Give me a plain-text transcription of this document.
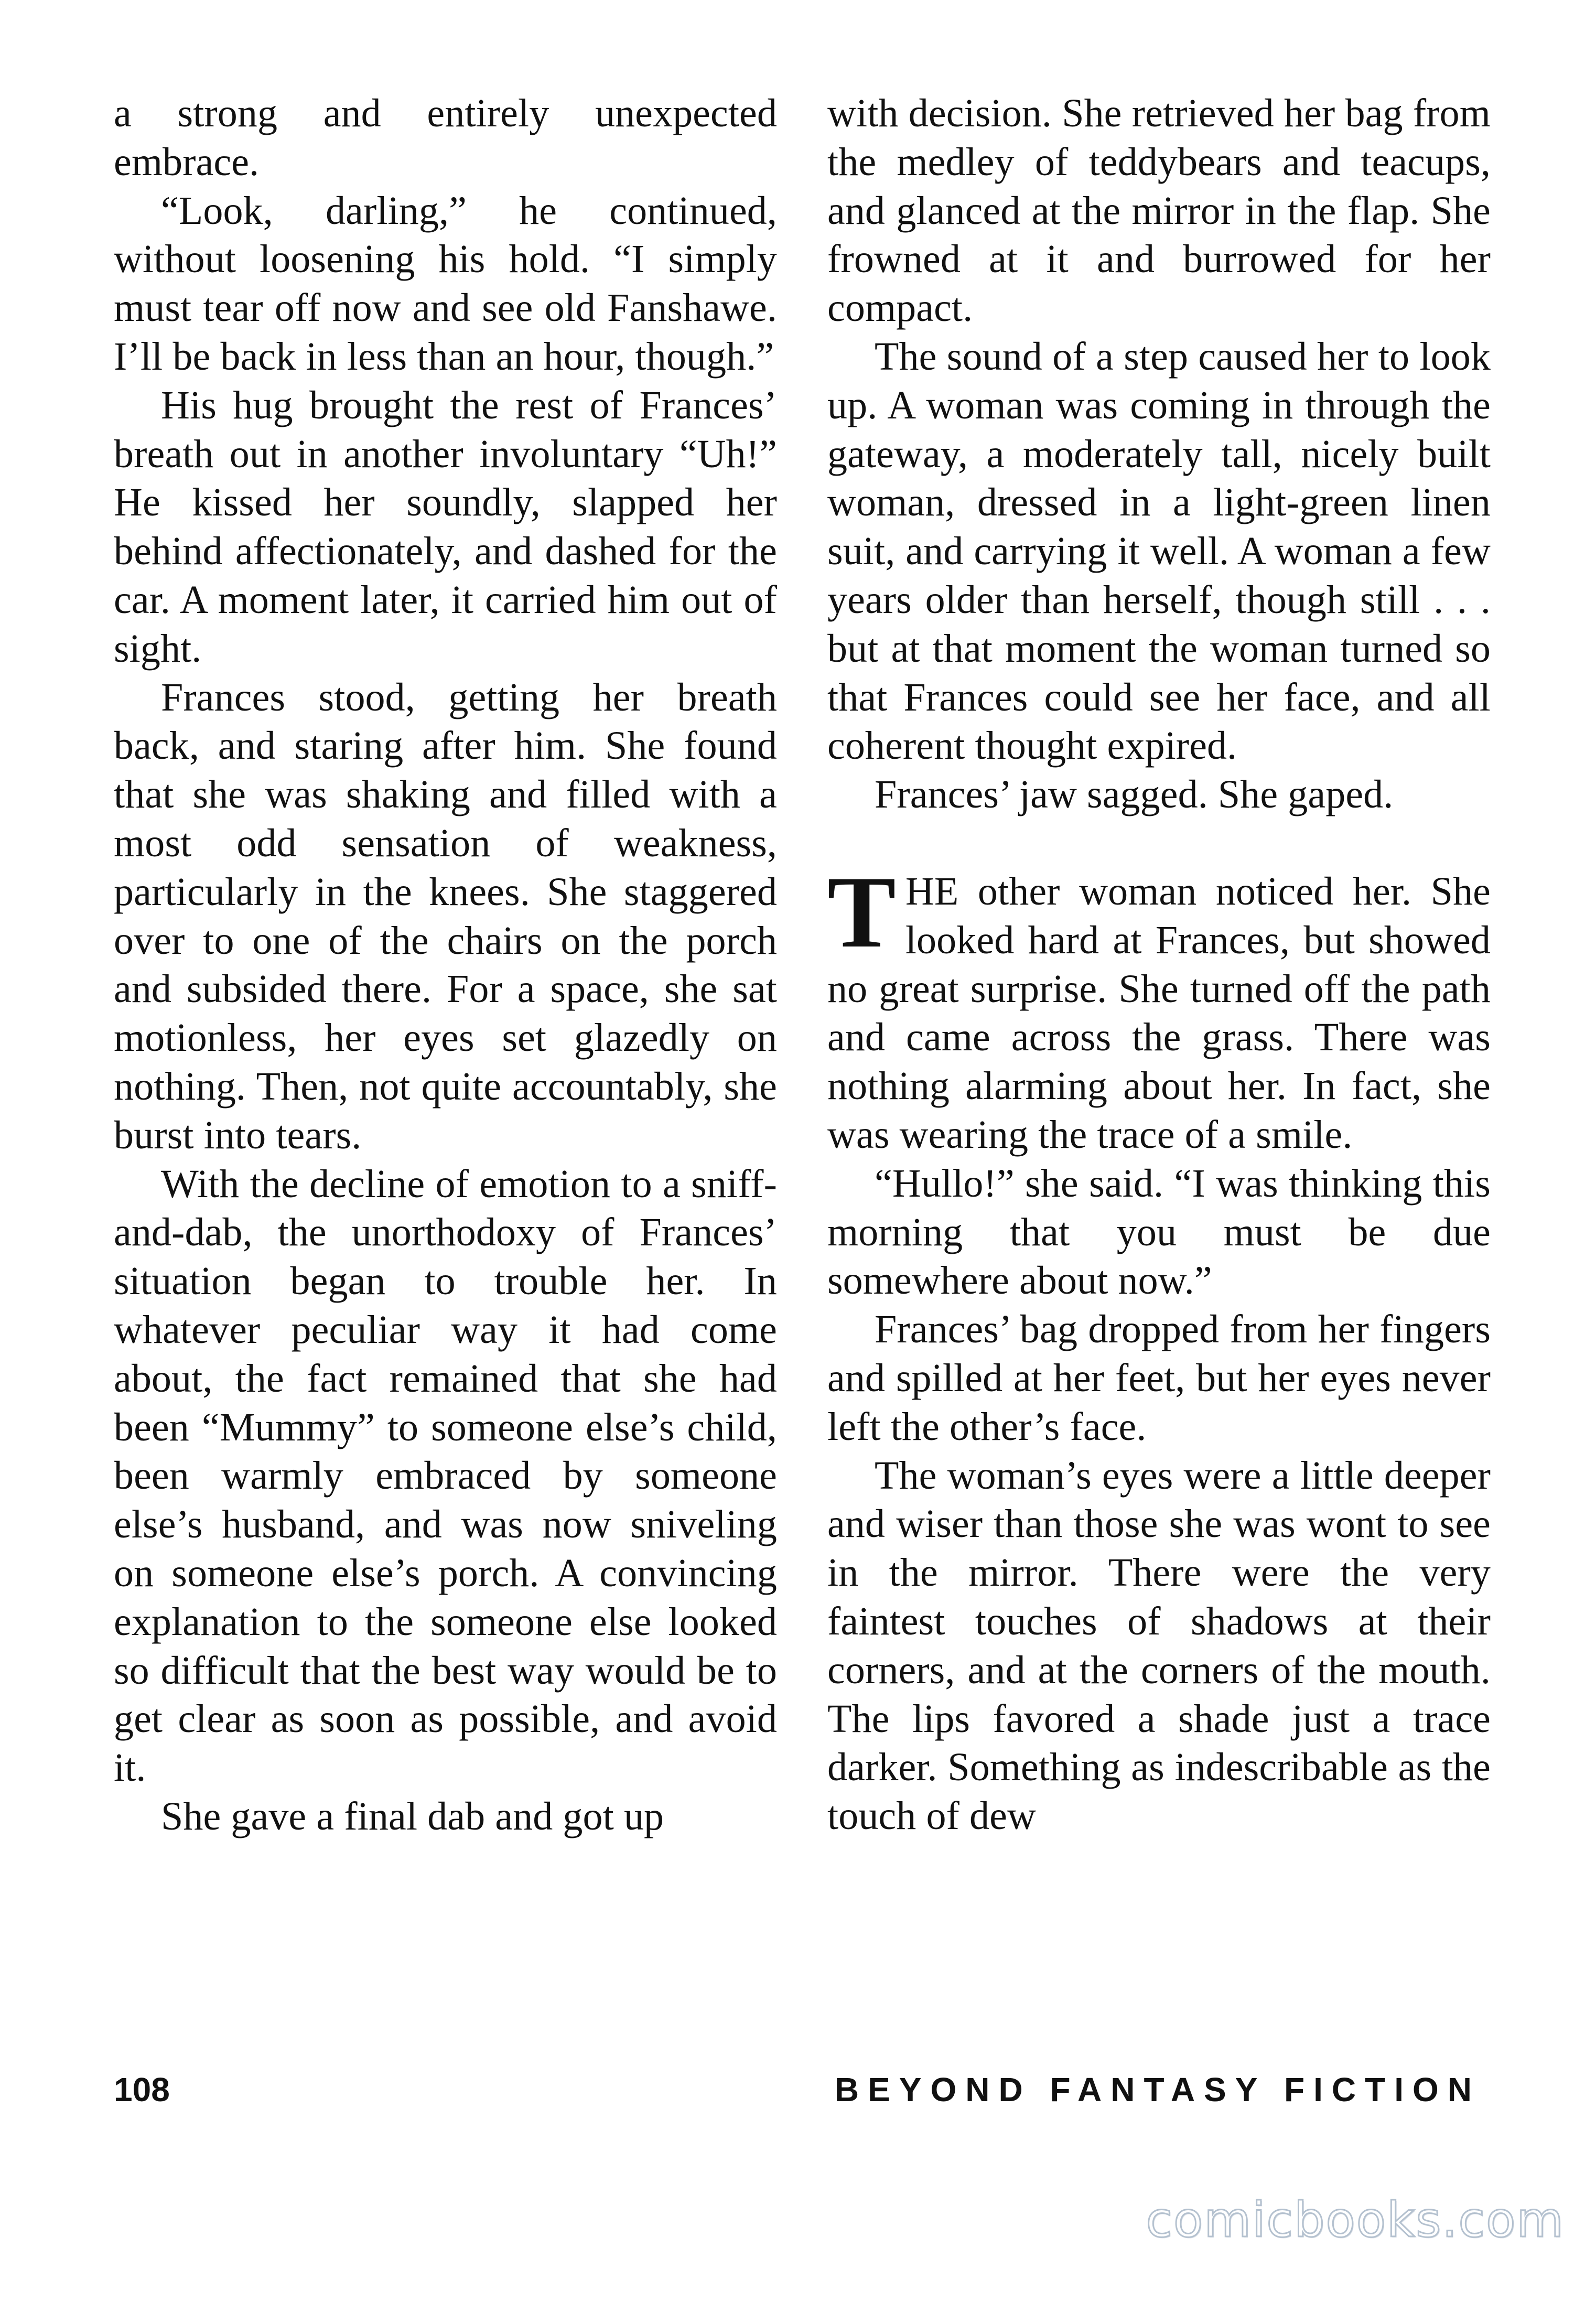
a strong and entirely unexpected embrace.

“Look, darling,” he continued, without loosening his hold. “I simply must tear off now and see old Fanshawe. I’ll be back in less than an hour, though.”

His hug brought the rest of Frances’ breath out in another involuntary “Uh!” He kissed her soundly, slapped her behind affectionately, and dashed for the car. A moment later, it carried him out of sight.

Frances stood, getting her breath back, and staring after him. She found that she was shaking and filled with a most odd sensation of weakness, particularly in the knees. She staggered over to one of the chairs on the porch and subsided there. For a space, she sat motionless, her eyes set glazedly on nothing. Then, not quite accountably, she burst into tears.

With the decline of emotion to a sniff-and-dab, the unorthodoxy of Frances’ situation began to trouble her. In whatever peculiar way it had come about, the fact remained that she had been “Mummy” to someone else’s child, been warmly embraced by someone else’s husband, and was now sniveling on someone else’s porch. A convincing explanation to the someone else looked so difficult that the best way would be to get clear as soon as possible, and avoid it.

She gave a final dab and got up

with decision. She retrieved her bag from the medley of teddybears and teacups, and glanced at the mirror in the flap. She frowned at it and burrowed for her compact.

The sound of a step caused her to look up. A woman was coming in through the gateway, a moderately tall, nicely built woman, dressed in a light-green linen suit, and carrying it well. A woman a few years older than herself, though still . . . but at that moment the woman turned so that Frances could see her face, and all coherent thought expired.

Frances’ jaw sagged. She gaped.

THE other woman noticed her. She looked hard at Frances, but showed no great surprise. She turned off the path and came across the grass. There was nothing alarming about her. In fact, she was wearing the trace of a smile.

“Hullo!” she said. “I was thinking this morning that you must be due somewhere about now.”

Frances’ bag dropped from her fingers and spilled at her feet, but her eyes never left the other’s face.

The woman’s eyes were a little deeper and wiser than those she was wont to see in the mirror. There were the very faintest touches of shadows at their corners, and at the corners of the mouth. The lips favored a shade just a trace darker. Something as indescribable as the touch of dew

108	BEYOND FANTASY FICTION
comicbooks.com
